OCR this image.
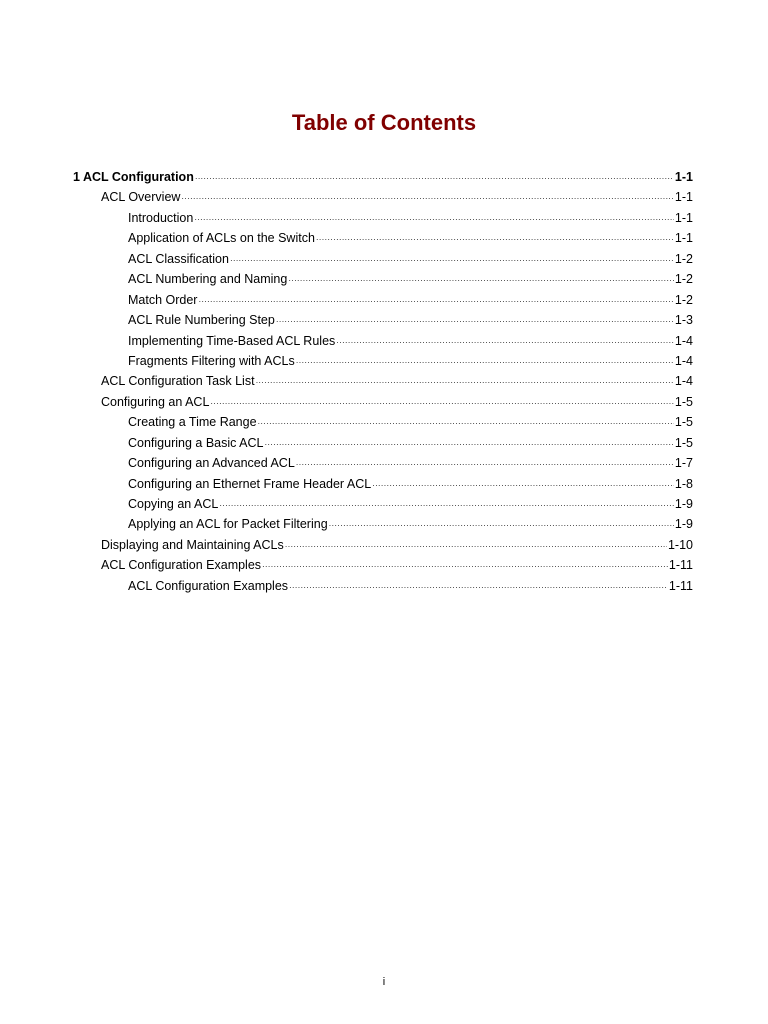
Table of Contents
1 ACL Configuration ·····	1-1
ACL Overview ·····	1-1
Introduction ·····	1-1
Application of ACLs on the Switch ·····	1-1
ACL Classification ·····	1-2
ACL Numbering and Naming ·····	1-2
Match Order ·····	1-2
ACL Rule Numbering Step ·····	1-3
Implementing Time-Based ACL Rules ·····	1-4
Fragments Filtering with ACLs ·····	1-4
ACL Configuration Task List ·····	1-4
Configuring an ACL ·····	1-5
Creating a Time Range ·····	1-5
Configuring a Basic ACL ·····	1-5
Configuring an Advanced ACL ·····	1-7
Configuring an Ethernet Frame Header ACL ·····	1-8
Copying an ACL ·····	1-9
Applying an ACL for Packet Filtering ·····	1-9
Displaying and Maintaining ACLs ·····	1-10
ACL Configuration Examples ·····	1-11
ACL Configuration Examples ·····	1-11
i
